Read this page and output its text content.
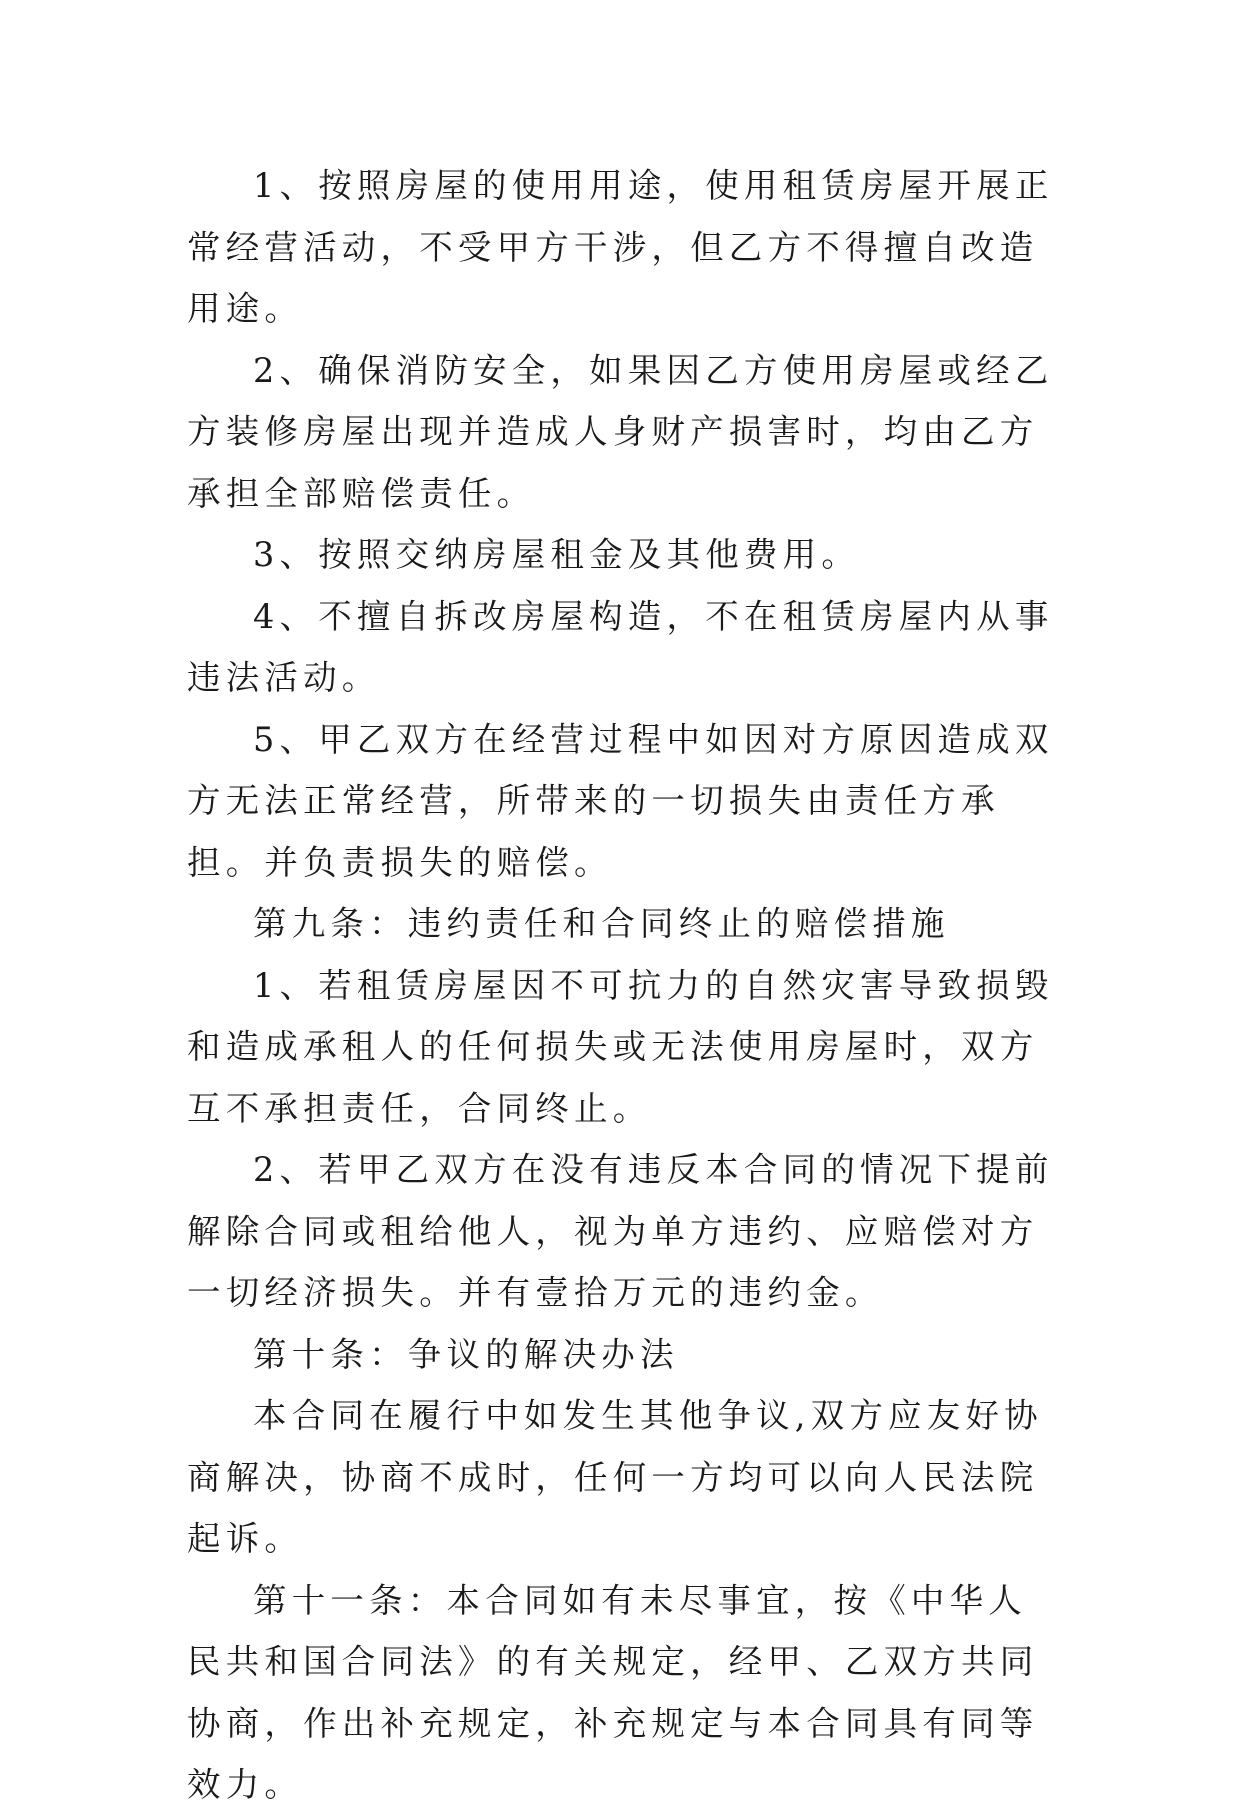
1、按照房屋的使用用途，使用租赁房屋开展正常经营活动，不受甲方干涉，但乙方不得擅自改造用途。

2、确保消防安全，如果因乙方使用房屋或经乙方装修房屋出现并造成人身财产损害时，均由乙方承担全部赔偿责任。

3、按照交纳房屋租金及其他费用。

4、不擅自拆改房屋构造，不在租赁房屋内从事违法活动。

5、甲乙双方在经营过程中如因对方原因造成双方无法正常经营，所带来的一切损失由责任方承担。并负责损失的赔偿。

第九条：违约责任和合同终止的赔偿措施

1、若租赁房屋因不可抗力的自然灾害导致损毁和造成承租人的任何损失或无法使用房屋时，双方互不承担责任，合同终止。

2、若甲乙双方在没有违反本合同的情况下提前解除合同或租给他人，视为单方违约、应赔偿对方一切经济损失。并有壹拾万元的违约金。

第十条：争议的解决办法

本合同在履行中如发生其他争议,双方应友好协商解决，协商不成时，任何一方均可以向人民法院起诉。

第十一条：本合同如有未尽事宜，按《中华人民共和国合同法》的有关规定，经甲、乙双方共同协商，作出补充规定，补充规定与本合同具有同等效力。
